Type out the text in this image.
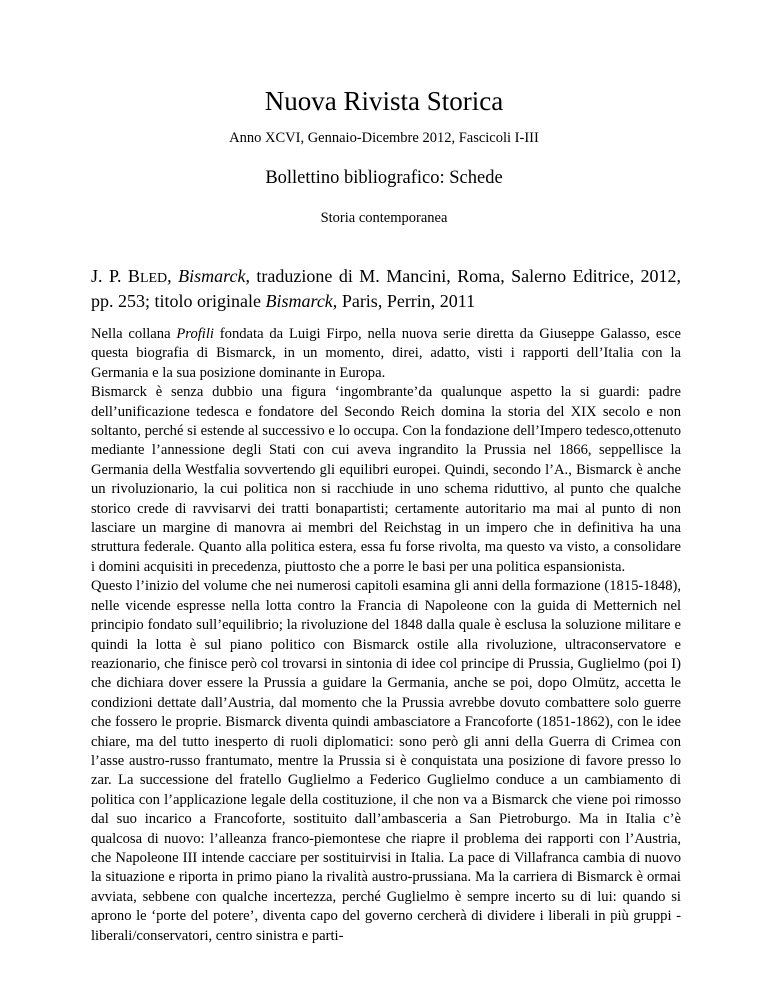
Nuova Rivista Storica
Anno XCVI, Gennaio-Dicembre 2012, Fascicoli I-III
Bollettino bibliografico: Schede
Storia contemporanea
J. P. BLED, Bismarck, traduzione di M. Mancini, Roma, Salerno Editrice, 2012, pp. 253; titolo originale Bismarck, Paris, Perrin, 2011

Nella collana Profili fondata da Luigi Firpo, nella nuova serie diretta da Giuseppe Galasso, esce questa biografia di Bismarck, in un momento, direi, adatto, visti i rapporti dell’Italia con la Germania e la sua posizione dominante in Europa.

Bismarck è senza dubbio una figura ‘ingombrante’da qualunque aspetto la si guardi: padre dell’unificazione tedesca e fondatore del Secondo Reich domina la storia del XIX secolo e non soltanto, perché si estende al successivo e lo occupa. Con la fondazione dell’Impero tedesco,ottenuto mediante l’annessione degli Stati con cui aveva ingrandito la Prussia nel 1866, seppellisce la Germania della Westfalia sovvertendo gli equilibri europei. Quindi, secondo l’A., Bismarck è anche un rivoluzionario, la cui politica non si racchiude in uno schema riduttivo, al punto che qualche storico crede di ravvisarvi dei tratti bonapartisti; certamente autoritario ma mai al punto di non lasciare un margine di manovra ai membri del Reichstag in un impero che in definitiva ha una struttura federale. Quanto alla politica estera, essa fu forse rivolta, ma questo va visto, a consolidare i domini acquisiti in precedenza, piuttosto che a porre le basi per una politica espansionista.

Questo l’inizio del volume che nei numerosi capitoli esamina gli anni della formazione (1815-1848), nelle vicende espresse nella lotta contro la Francia di Napoleone con la guida di Metternich nel principio fondato sull’equilibrio; la rivoluzione del 1848 dalla quale è esclusa la soluzione militare e quindi la lotta è sul piano politico con Bismarck ostile alla rivoluzione, ultraconservatore e reazionario, che finisce però col trovarsi in sintonia di idee col principe di Prussia, Guglielmo (poi I) che dichiara dover essere la Prussia a guidare la Germania, anche se poi, dopo Olmütz, accetta le condizioni dettate dall’Austria, dal momento che la Prussia avrebbe dovuto combattere solo guerre che fossero le proprie. Bismarck diventa quindi ambasciatore a Francoforte (1851-1862), con le idee chiare, ma del tutto inesperto di ruoli diplomatici: sono però gli anni della Guerra di Crimea con l’asse austro-russo frantumato, mentre la Prussia si è conquistata una posizione di favore presso lo zar. La successione del fratello Guglielmo a Federico Guglielmo conduce a un cambiamento di politica con l’applicazione legale della costituzione, il che non va a Bismarck che viene poi rimosso dal suo incarico a Francoforte, sostituito dall’ambasceria a San Pietroburgo. Ma in Italia c’è qualcosa di nuovo: l’alleanza franco-piemontese che riapre il problema dei rapporti con l’Austria, che Napoleone III intende cacciare per sostituirvisi in Italia. La pace di Villafranca cambia di nuovo la situazione e riporta in primo piano la rivalità austro-prussiana. Ma la carriera di Bismarck è ormai avviata, sebbene con qualche incertezza, perché Guglielmo è sempre incerto su di lui: quando si aprono le ‘porte del potere’, diventa capo del governo cercherà di dividere i liberali in più gruppi - liberali/conservatori, centro sinistra e parti-
